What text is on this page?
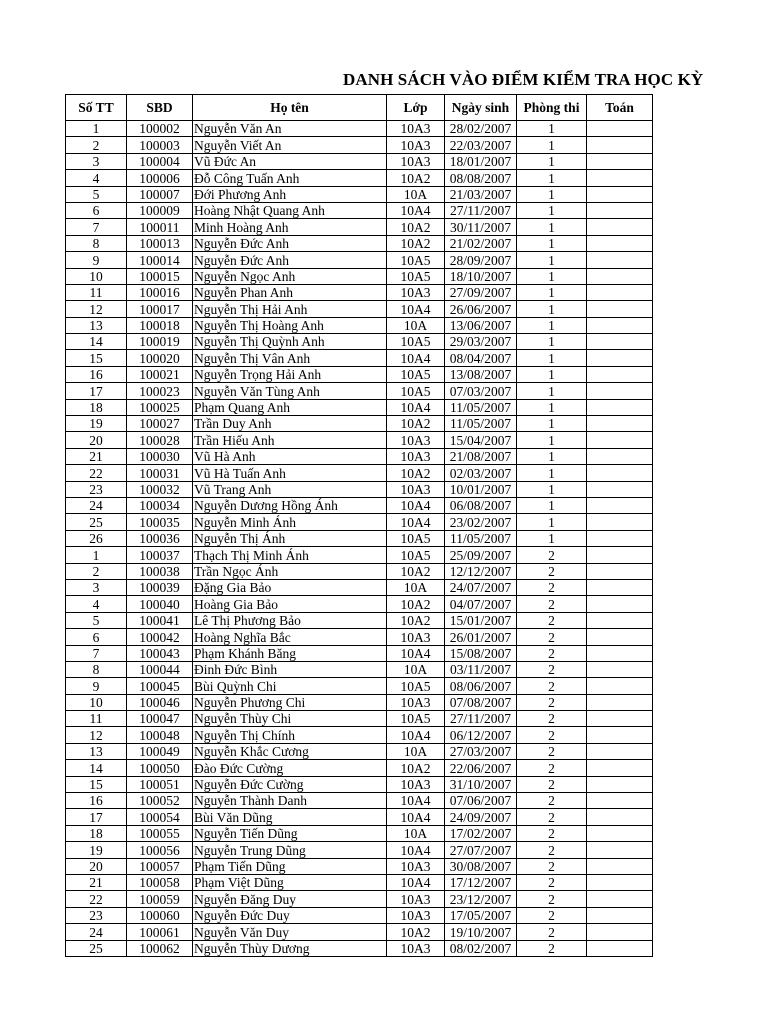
DANH SÁCH VÀO ĐIỂM KIỂM TRA HỌC KỲ
Số TT	SBD	Họ tên	Lớp	Ngày sinh	Phòng thi	Toán
1	100002	Nguyễn Văn An	10A3	28/02/2007	1	
2	100003	Nguyễn Viết An	10A3	22/03/2007	1	
3	100004	Vũ Đức An	10A3	18/01/2007	1	
4	100006	Đỗ Công Tuấn Anh	10A2	08/08/2007	1	
5	100007	Đới Phương Anh	10A	21/03/2007	1	
6	100009	Hoàng Nhật Quang Anh	10A4	27/11/2007	1	
7	100011	Minh Hoàng Anh	10A2	30/11/2007	1	
8	100013	Nguyễn Đức Anh	10A2	21/02/2007	1	
9	100014	Nguyễn Đức Anh	10A5	28/09/2007	1	
10	100015	Nguyễn Ngọc Anh	10A5	18/10/2007	1	
11	100016	Nguyễn Phan Anh	10A3	27/09/2007	1	
12	100017	Nguyễn Thị Hải Anh	10A4	26/06/2007	1	
13	100018	Nguyễn Thị Hoàng Anh	10A	13/06/2007	1	
14	100019	Nguyễn Thị Quỳnh Anh	10A5	29/03/2007	1	
15	100020	Nguyễn Thị Vân Anh	10A4	08/04/2007	1	
16	100021	Nguyễn Trọng Hải Anh	10A5	13/08/2007	1	
17	100023	Nguyễn Văn Tùng Anh	10A5	07/03/2007	1	
18	100025	Phạm Quang Anh	10A4	11/05/2007	1	
19	100027	Trần Duy Anh	10A2	11/05/2007	1	
20	100028	Trần Hiếu Anh	10A3	15/04/2007	1	
21	100030	Vũ Hà Anh	10A3	21/08/2007	1	
22	100031	Vũ Hà Tuấn Anh	10A2	02/03/2007	1	
23	100032	Vũ Trang Anh	10A3	10/01/2007	1	
24	100034	Nguyễn Dương Hồng Ánh	10A4	06/08/2007	1	
25	100035	Nguyễn Minh Ánh	10A4	23/02/2007	1	
26	100036	Nguyễn Thị Ánh	10A5	11/05/2007	1	
1	100037	Thạch Thị Minh Ánh	10A5	25/09/2007	2	
2	100038	Trần Ngọc Ánh	10A2	12/12/2007	2	
3	100039	Đặng Gia Bảo	10A	24/07/2007	2	
4	100040	Hoàng Gia Bảo	10A2	04/07/2007	2	
5	100041	Lê Thị Phương Bảo	10A2	15/01/2007	2	
6	100042	Hoàng Nghĩa Bắc	10A3	26/01/2007	2	
7	100043	Phạm Khánh Băng	10A4	15/08/2007	2	
8	100044	Đinh Đức Bình	10A	03/11/2007	2	
9	100045	Bùi Quỳnh Chi	10A5	08/06/2007	2	
10	100046	Nguyễn Phương Chi	10A3	07/08/2007	2	
11	100047	Nguyễn Thùy Chi	10A5	27/11/2007	2	
12	100048	Nguyễn Thị Chính	10A4	06/12/2007	2	
13	100049	Nguyễn Khắc Cương	10A	27/03/2007	2	
14	100050	Đào Đức Cường	10A2	22/06/2007	2	
15	100051	Nguyễn Đức Cường	10A3	31/10/2007	2	
16	100052	Nguyễn Thành Danh	10A4	07/06/2007	2	
17	100054	Bùi Văn Dũng	10A4	24/09/2007	2	
18	100055	Nguyễn Tiến Dũng	10A	17/02/2007	2	
19	100056	Nguyễn Trung Dũng	10A4	27/07/2007	2	
20	100057	Phạm Tiến Dũng	10A3	30/08/2007	2	
21	100058	Phạm Việt Dũng	10A4	17/12/2007	2	
22	100059	Nguyễn Đăng Duy	10A3	23/12/2007	2	
23	100060	Nguyễn Đức Duy	10A3	17/05/2007	2	
24	100061	Nguyễn Văn Duy	10A2	19/10/2007	2	
25	100062	Nguyễn Thùy Dương	10A3	08/02/2007	2	
